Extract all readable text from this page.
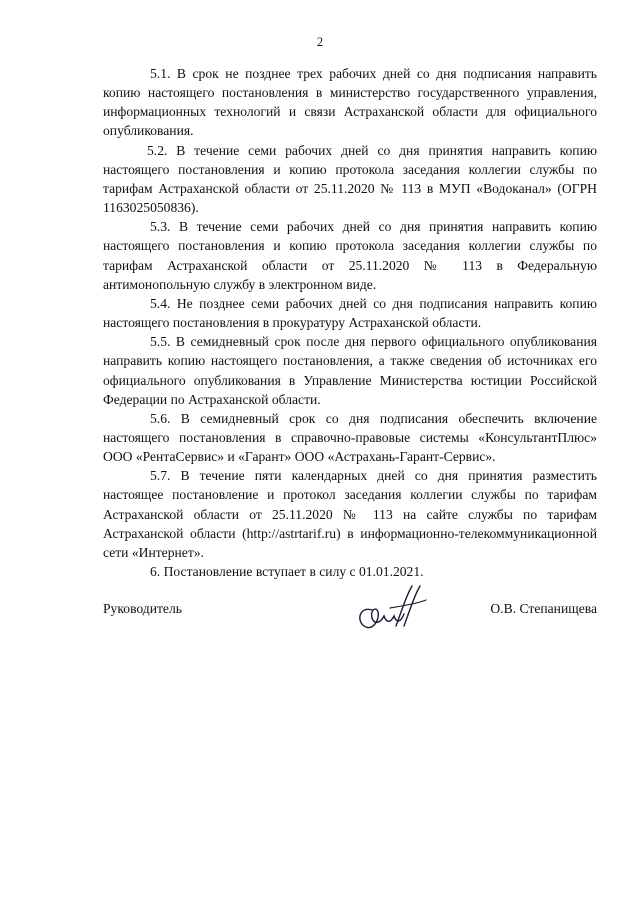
2

5.1. В срок не позднее трех рабочих дней со дня подписания направить копию настоящего постановления в министерство государственного управления, информационных технологий и связи Астраханской области для официального опубликования.

5.2. В течение семи рабочих дней со дня принятия направить копию настоящего постановления и копию протокола заседания коллегии службы по тарифам Астраханской области от 25.11.2020 № 113 в МУП «Водоканал» (ОГРН 1163025050836).

5.3. В течение семи рабочих дней со дня принятия направить копию настоящего постановления и копию протокола заседания коллегии службы по тарифам Астраханской области от 25.11.2020 № 113 в Федеральную антимонопольную службу в электронном виде.

5.4. Не позднее семи рабочих дней со дня подписания направить копию настоящего постановления в прокуратуру Астраханской области.

5.5. В семидневный срок после дня первого официального опубликования направить копию настоящего постановления, а также сведения об источниках его официального опубликования в Управление Министерства юстиции Российской Федерации по Астраханской области.

5.6. В семидневный срок со дня подписания обеспечить включение настоящего постановления в справочно-правовые системы «КонсультантПлюс» ООО «РентаСервис» и «Гарант» ООО «Астрахань-Гарант-Сервис».

5.7. В течение пяти календарных дней со дня принятия разместить настоящее постановление и протокол заседания коллегии службы по тарифам Астраханской области от 25.11.2020 № 113 на сайте службы по тарифам Астраханской области (http://astrtarif.ru) в информационно-телекоммуникационной сети «Интернет».

6. Постановление вступает в силу с 01.01.2021.

Руководитель	О.В. Степанищева
